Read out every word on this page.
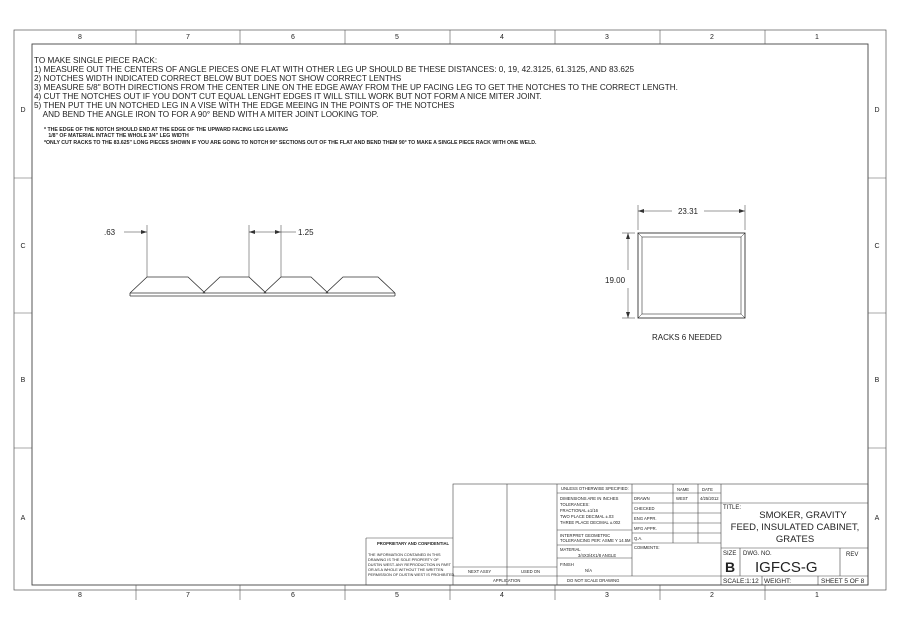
8	7	6	5	4	3	2	1
8	7	6	5	4	3	2	1
D
C
B
A
D
C
B
A
.63	1.25
23.31
19.00
RACKS 6 NEEDED
UNLESS OTHERWISE SPECIFIED:	NAME	DATE
DIMENSIONS ARE IN INCHES
TOLERANCES:
FRACTIONAL ±1/16
TWO PLACE DECIMAL ±.03
THREE PLACE DECIMAL ±.002
DRAWN	WEST	4/25/2012
CHECKED
ENG APPR.
MFG APPR.
Q.A.
COMMENTS:
INTERPRET GEOMETRIC
TOLERANCING PER: ASME Y 14.5M
MATERIAL
3/4X3/4X1/8 ANGLE
FINISH
N/A
NEXT ASSY	USED ON
APPLICATION	DO NOT SCALE DRAWING
PROPRIETARY AND CONFIDENTIAL
THE INFORMATION CONTAINED IN THIS
DRAWING IS THE SOLE PROPERTY OF
DUSTIN WEST. ANY REPRODUCTION IN PART
OR AS A WHOLE WITHOUT THE WRITTEN
PERMISSION OF DUSTIN WEST IS PROHIBITED.
TITLE:
SMOKER, GRAVITY
FEED, INSULATED CABINET,
GRATES
SIZE
B
DWG. NO.
IGFCS-G
REV
SCALE:1:12 WEIGHT:	SHEET 5 OF 8
TO MAKE SINGLE PIECE RACK:
1) MEASURE OUT THE CENTERS OF ANGLE PIECES ONE FLAT WITH OTHER LEG UP SHOULD BE THESE DISTANCES: 0, 19, 42.3125, 61.3125, AND 83.625
2) NOTCHES WIDTH INDICATED CORRECT BELOW BUT DOES NOT SHOW CORRECT LENTHS
3) MEASURE 5/8" BOTH DIRECTIONS FROM THE CENTER LINE ON THE EDGE AWAY FROM THE UP FACING LEG TO GET THE NOTCHES TO THE CORRECT LENGTH.
4) CUT THE NOTCHES OUT IF YOU DON'T CUT EQUAL LENGHT EDGES IT WILL STILL WORK BUT NOT FORM A NICE MITER JOINT.
5) THEN PUT THE UN NOTCHED LEG IN A VISE WITH THE EDGE MEEING IN THE POINTS OF THE NOTCHES
AND BEND THE ANGLE IRON TO FOR A 90° BEND WITH A MITER JOINT LOOKING TOP.
* THE EDGE OF THE NOTCH SHOULD END AT THE EDGE OF THE UPWARD FACING LEG LEAVING
1/8" OF MATERIAL INTACT THE WHOLE 3/4" LEG WIDTH
*ONLY CUT RACKS TO THE 83.625" LONG PIECES SHOWN IF YOU ARE GOING TO NOTCH 90° SECTIONS OUT OF THE FLAT AND BEND THEM 90° TO MAKE A SINGLE PIECE RACK WITH ONE WELD.
